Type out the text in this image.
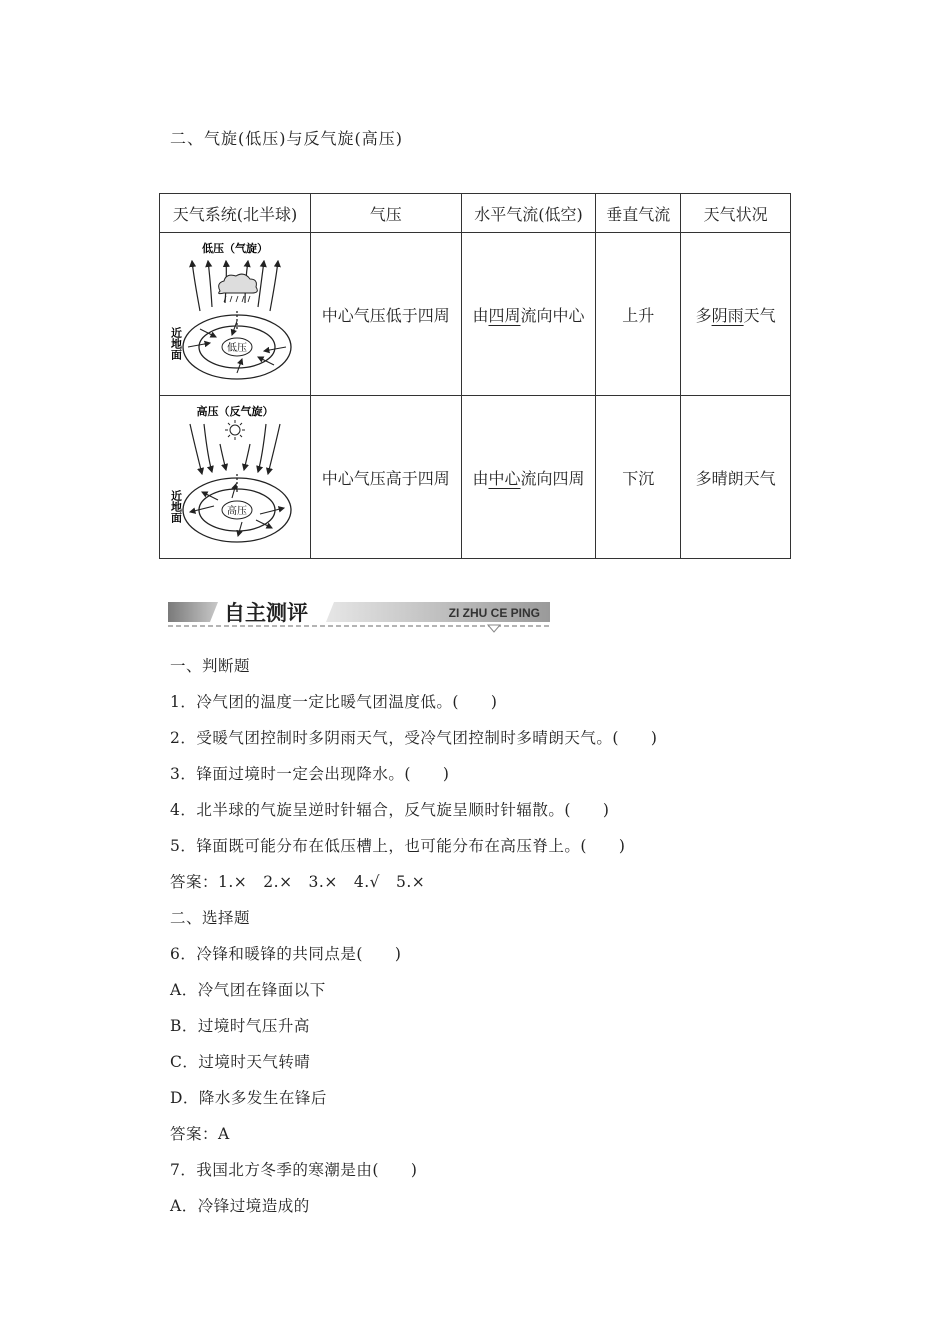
二、气旋(低压)与反气旋(高压)
天气系统(北半球)	气压	水平气流(低空)	垂直气流	天气状况

低压（气旋）
低压
近地面	中心气压低于四周	由四周流向中心	上升	多阴雨天气

高压（反气旋）
高压
近地面	中心气压高于四周	由中心流向四周	下沉	多晴朗天气
自主测评	ZI ZHU CE PING
一、判断题
1．冷气团的温度一定比暖气团温度低。(　　)
2．受暖气团控制时多阴雨天气，受冷气团控制时多晴朗天气。(　　)
3．锋面过境时一定会出现降水。(　　)
4．北半球的气旋呈逆时针辐合，反气旋呈顺时针辐散。(　　)
5．锋面既可能分布在低压槽上，也可能分布在高压脊上。(　　)
答案：1.×　2.×　3.×　4.√　5.×
二、选择题
6．冷锋和暖锋的共同点是(　　)
A．冷气团在锋面以下
B．过境时气压升高
C．过境时天气转晴
D．降水多发生在锋后
答案：A
7．我国北方冬季的寒潮是由(　　)
A．冷锋过境造成的
